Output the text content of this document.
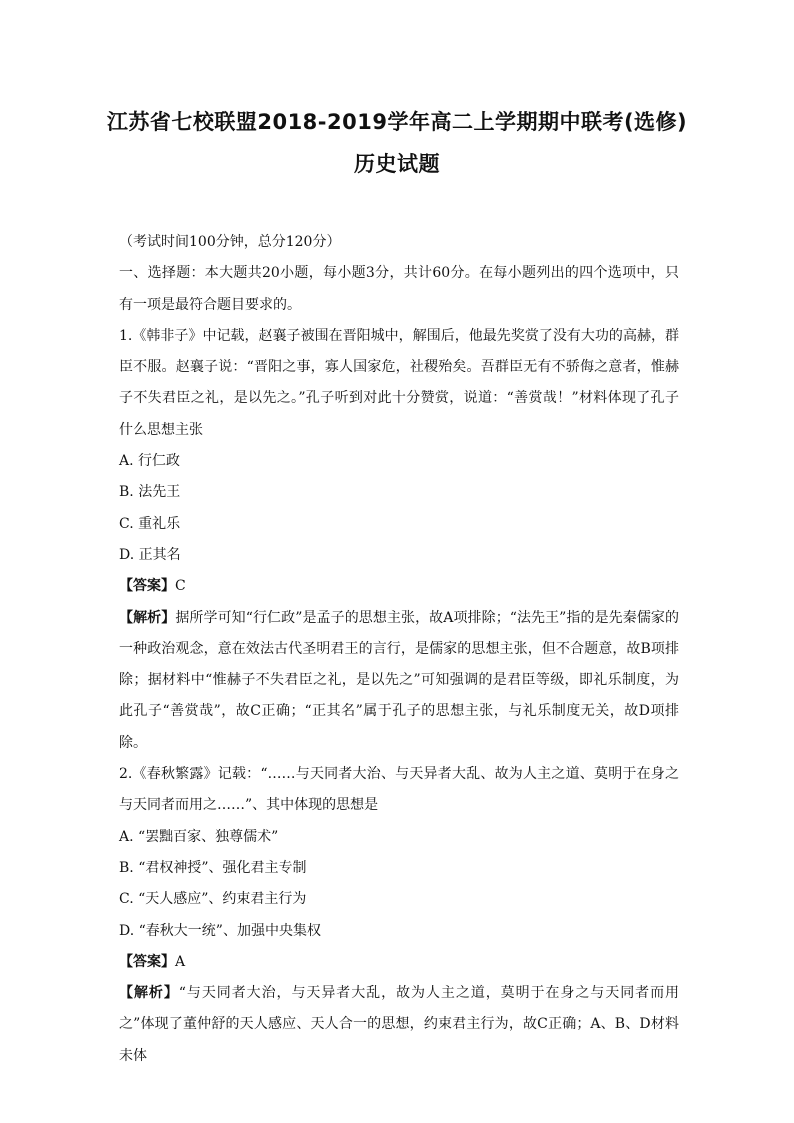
江苏省七校联盟2018-2019学年高二上学期期中联考(选修)
历史试题
（考试时间100分钟，总分120分）
一、选择题：本大题共20小题，每小题3分，共计60分。在每小题列出的四个选项中，只有一项是最符合题目要求的。
1.《韩非子》中记载，赵襄子被围在晋阳城中，解围后，他最先奖赏了没有大功的高赫，群臣不服。赵襄子说：“晋阳之事，寡人国家危，社稷殆矣。吾群臣无有不骄侮之意者，惟赫子不失君臣之礼，是以先之。”孔子听到对此十分赞赏，说道：“善赏哉！”材料体现了孔子什么思想主张
A. 行仁政
B. 法先王
C. 重礼乐
D. 正其名
【答案】C
【解析】据所学可知“行仁政”是孟子的思想主张，故A项排除；“法先王”指的是先秦儒家的一种政治观念，意在效法古代圣明君王的言行，是儒家的思想主张，但不合题意，故B项排除；据材料中“惟赫子不失君臣之礼，是以先之”可知强调的是君臣等级，即礼乐制度，为此孔子“善赏哉”，故C正确；“正其名”属于孔子的思想主张，与礼乐制度无关，故D项排除。
2.《春秋繁露》记载：“……与天同者大治、与天异者大乱、故为人主之道、莫明于在身之与天同者而用之……”、其中体现的思想是
A. “罢黜百家、独尊儒术”
B. “君权神授”、强化君主专制
C. “天人感应”、约束君主行为
D. “春秋大一统”、加强中央集权
【答案】A
【解析】“与天同者大治，与天异者大乱，故为人主之道，莫明于在身之与天同者而用之”体现了董仲舒的天人感应、天人合一的思想，约束君主行为，故C正确；A、B、D材料未体
